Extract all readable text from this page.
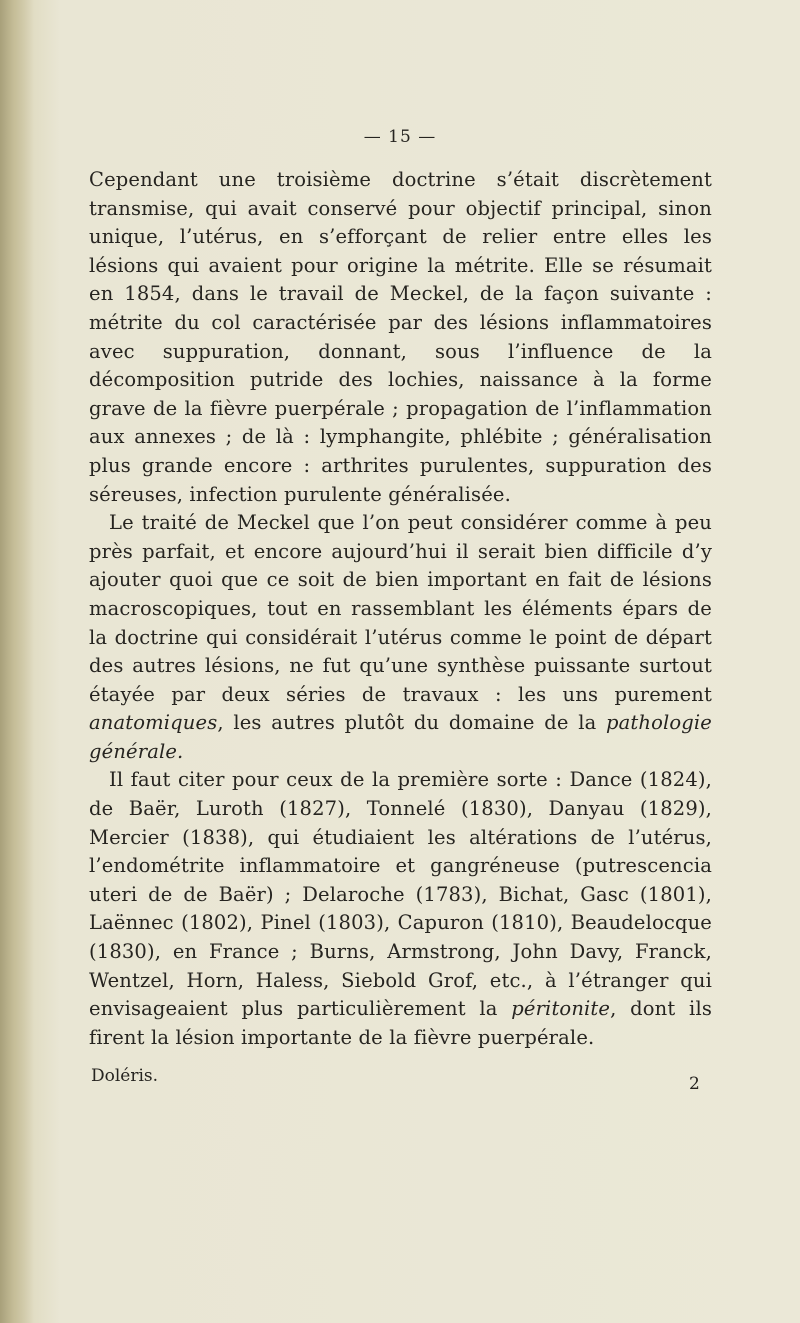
— 15 —

Cependant une troisième doctrine s’était discrètement transmise, qui avait conservé pour objectif principal, sinon unique, l’utérus, en s’efforçant de relier entre elles les lésions qui avaient pour origine la métrite. Elle se résumait en 1854, dans le travail de Meckel, de la façon suivante : métrite du col caractérisée par des lésions inflammatoires avec suppuration, donnant, sous l’influence de la décomposition putride des lochies, naissance à la forme grave de la fièvre puerpérale ; propagation de l’inflammation aux annexes ; de là : lymphangite, phlébite ; généralisation plus grande encore : arthrites purulentes, suppuration des séreuses, infection purulente généralisée.

Le traité de Meckel que l’on peut considérer comme à peu près parfait, et encore aujourd’hui il serait bien difficile d’y ajouter quoi que ce soit de bien important en fait de lésions macroscopiques, tout en rassemblant les éléments épars de la doctrine qui considérait l’utérus comme le point de départ des autres lésions, ne fut qu’une synthèse puissante surtout étayée par deux séries de travaux : les uns purement anatomiques, les autres plutôt du domaine de la pathologie générale.

Il faut citer pour ceux de la première sorte : Dance (1824), de Baër, Luroth (1827), Tonnelé (1830), Danyau (1829), Mercier (1838), qui étudiaient les altérations de l’utérus, l’endométrite inflammatoire et gangréneuse (putrescencia uteri de de Baër) ; Delaroche (1783), Bichat, Gasc (1801), Laënnec (1802), Pinel (1803), Capuron (1810), Beaudelocque (1830), en France ; Burns, Armstrong, John Davy, Franck, Wentzel, Horn, Haless, Siebold Grof, etc., à l’étranger qui envisageaient plus particulièrement la péritonite, dont ils firent la lésion importante de la fièvre puerpérale.

Doléris.	2
